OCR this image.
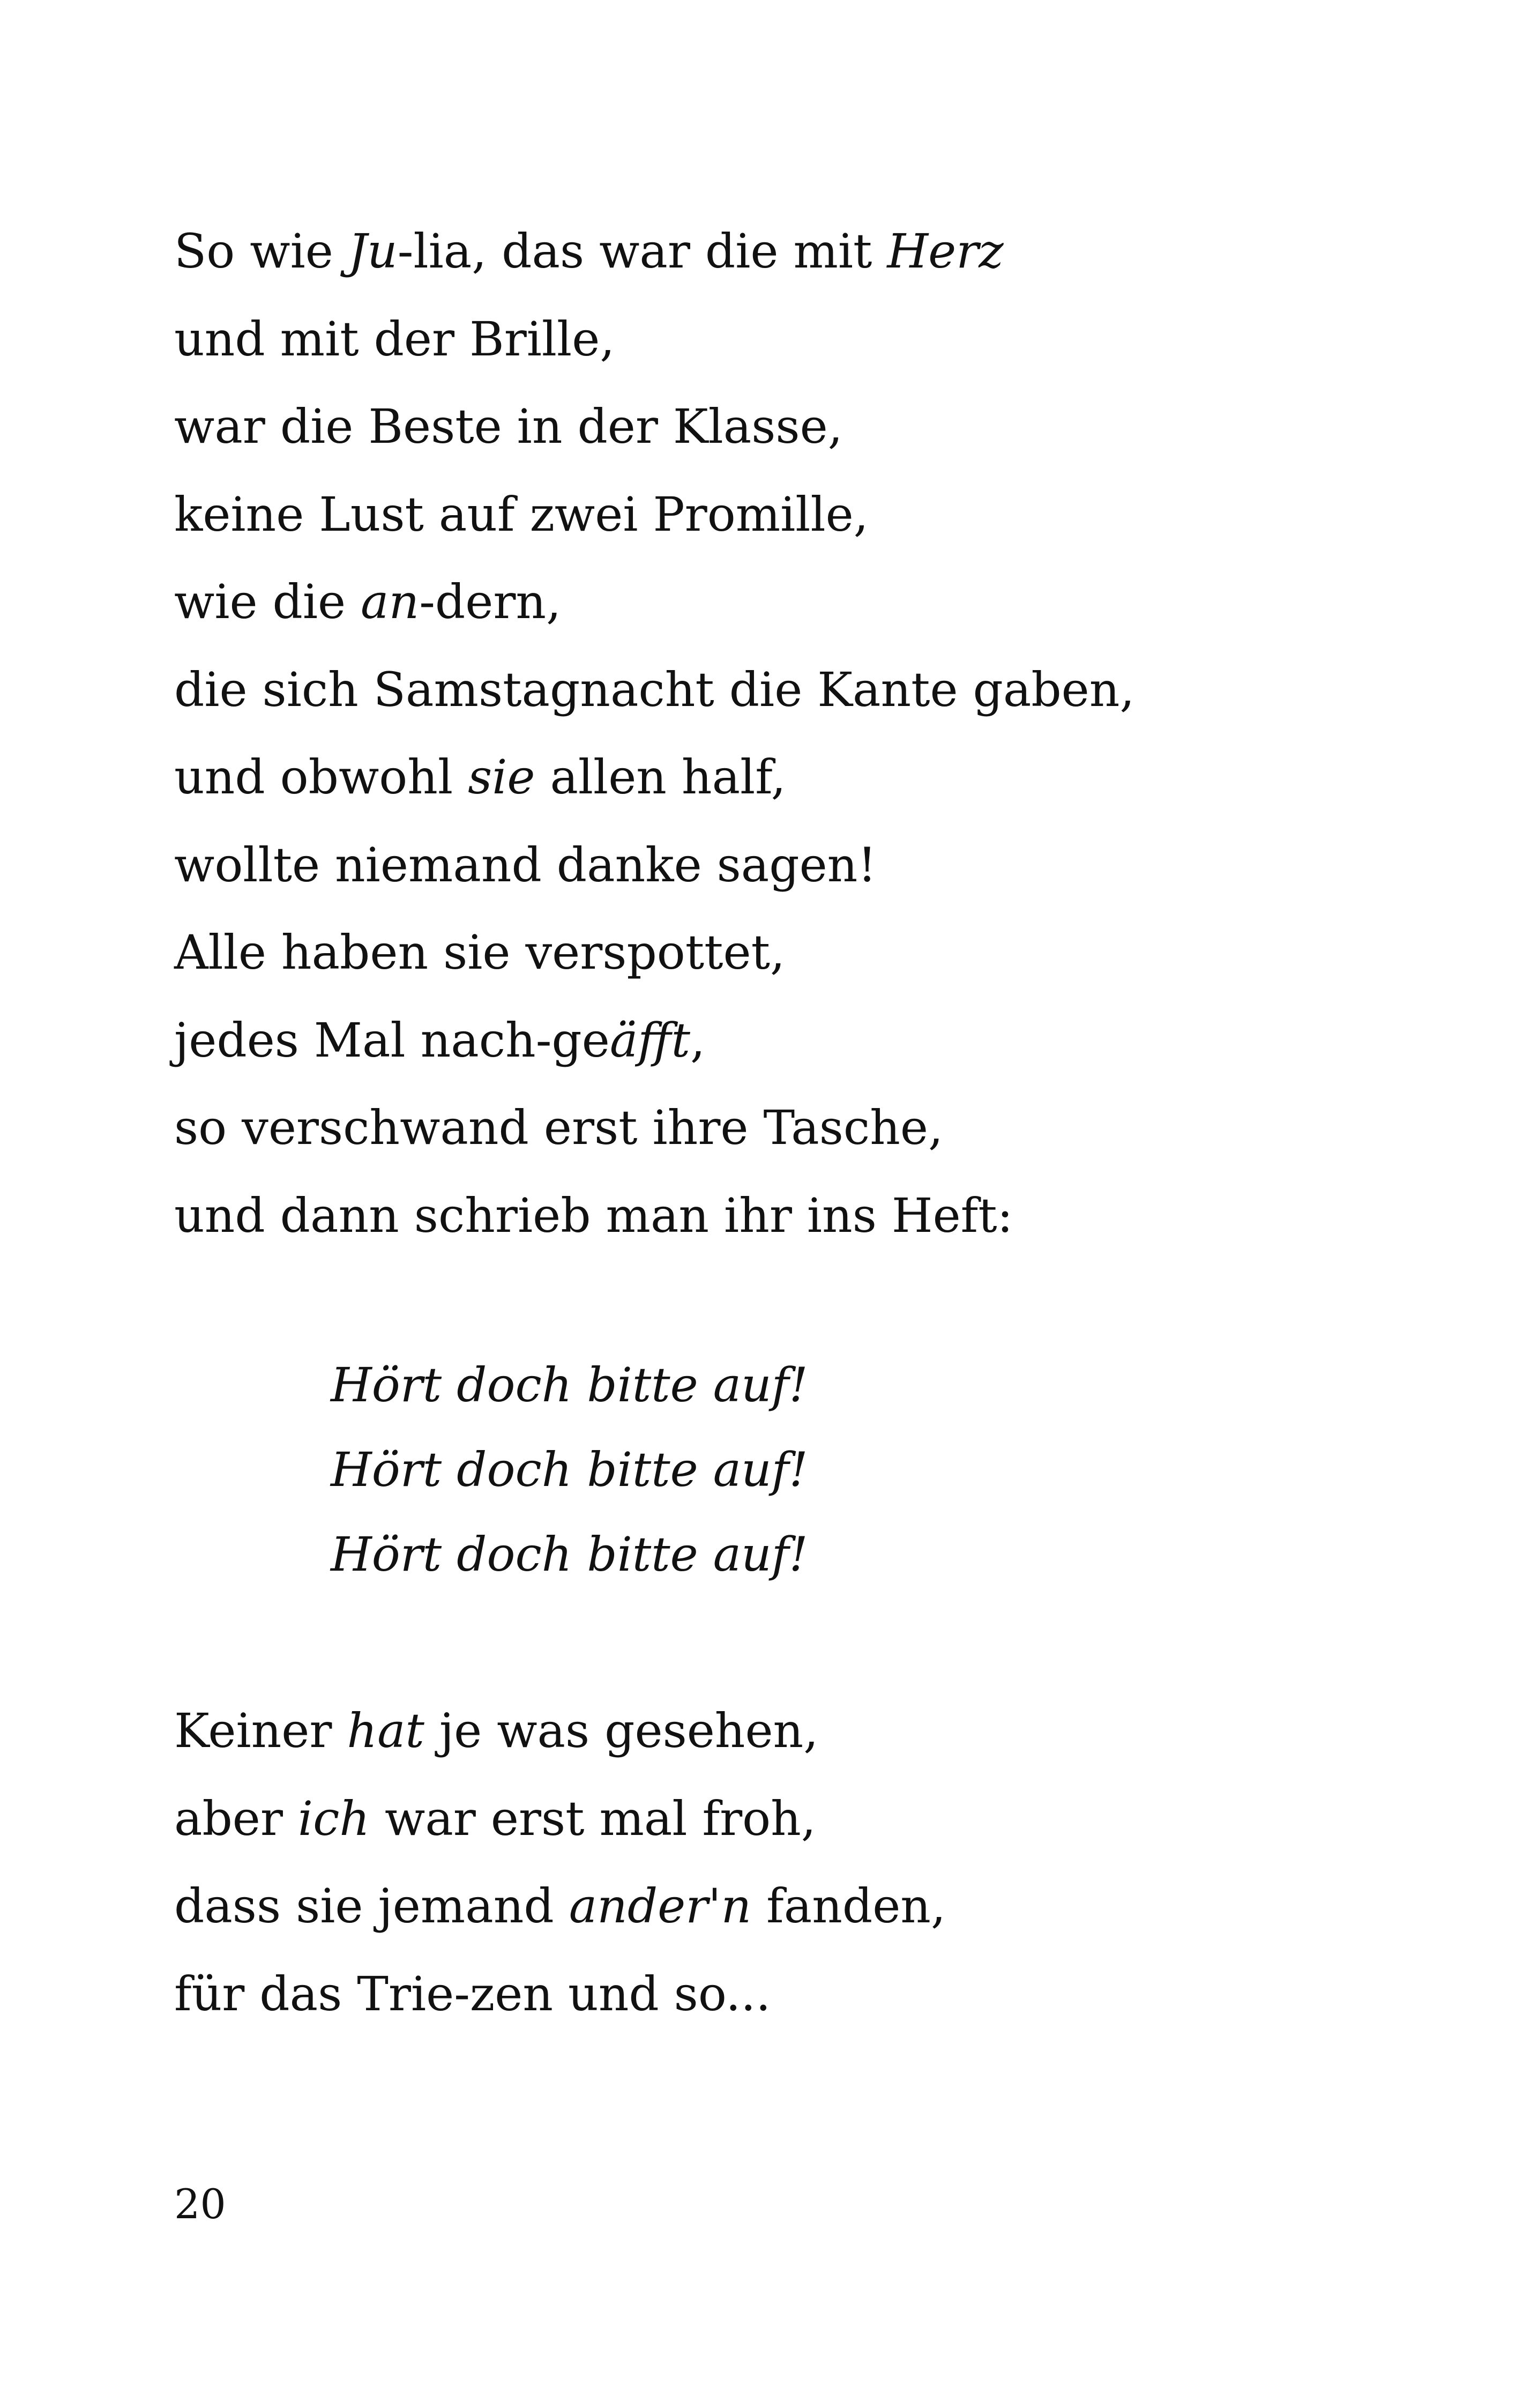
So wie Ju-lia, das war die mit Herz
und mit der Brille,
war die Beste in der Klasse,
keine Lust auf zwei Promille,
wie die an-dern,
die sich Samstagnacht die Kante gaben,
und obwohl sie allen half,
wollte niemand danke sagen!
Alle haben sie verspottet,
jedes Mal nach-geäfft,
so verschwand erst ihre Tasche,
und dann schrieb man ihr ins Heft:
Hört doch bitte auf!
Hört doch bitte auf!
Hört doch bitte auf!
Keiner hat je was gesehen,
aber ich war erst mal froh,
dass sie jemand ander'n fanden,
für das Trie-zen und so...
20
